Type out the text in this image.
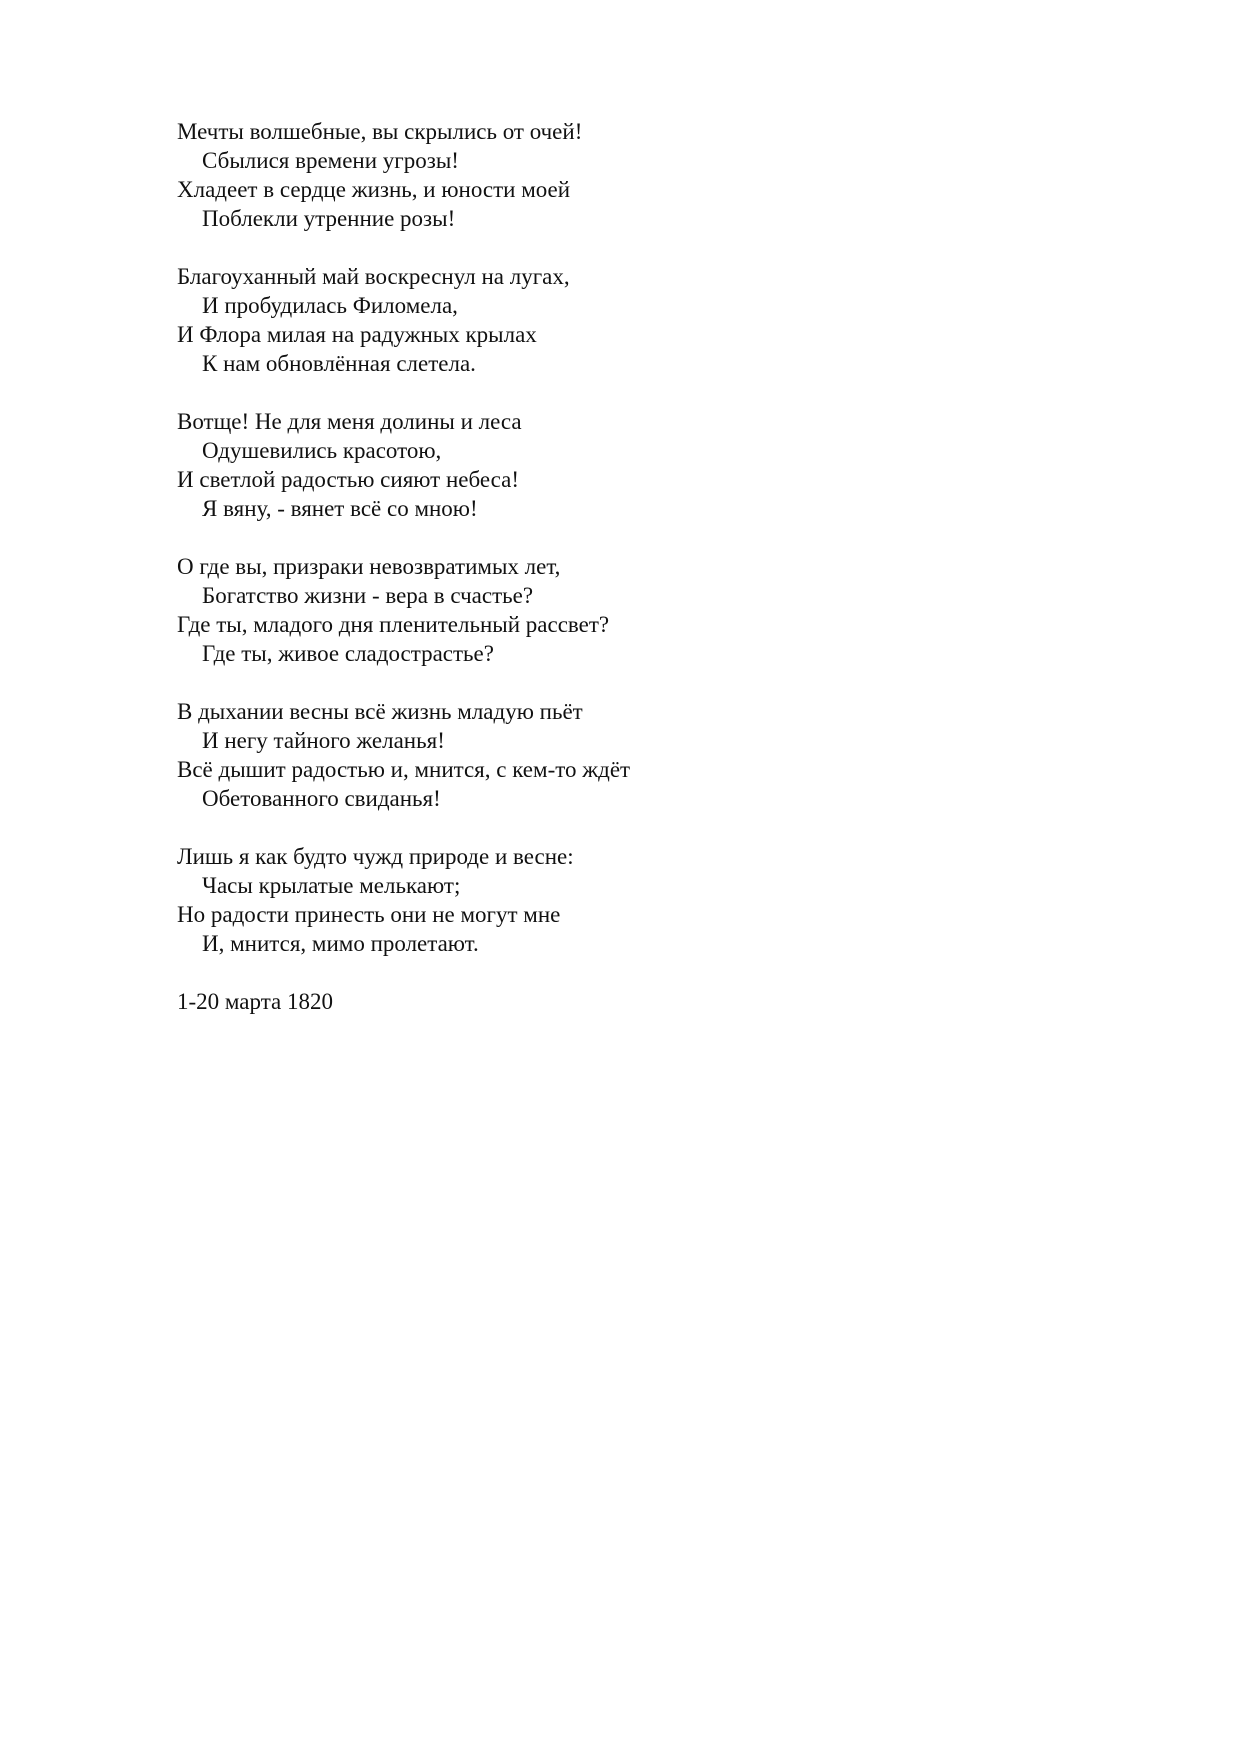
Мечты волшебные, вы скрылись от очей!
Сбылися времени угрозы!
Хладеет в сердце жизнь, и юности моей
Поблекли утренние розы!
Благоуханный май воскреснул на лугах,
И пробудилась Филомела,
И Флора милая на радужных крылах
К нам обновлённая слетела.
Вотще! Не для меня долины и леса
Одушевились красотою,
И светлой радостью сияют небеса!
Я вяну, - вянет всё со мною!
О где вы, призраки невозвратимых лет,
Богатство жизни - вера в счастье?
Где ты, младого дня пленительный рассвет?
Где ты, живое сладострастье?
В дыхании весны всё жизнь младую пьёт
И негу тайного желанья!
Всё дышит радостью и, мнится, с кем-то ждёт
Обетованного свиданья!
Лишь я как будто чужд природе и весне:
Часы крылатые мелькают;
Но радости принесть они не могут мне
И, мнится, мимо пролетают.
1-20 марта 1820
